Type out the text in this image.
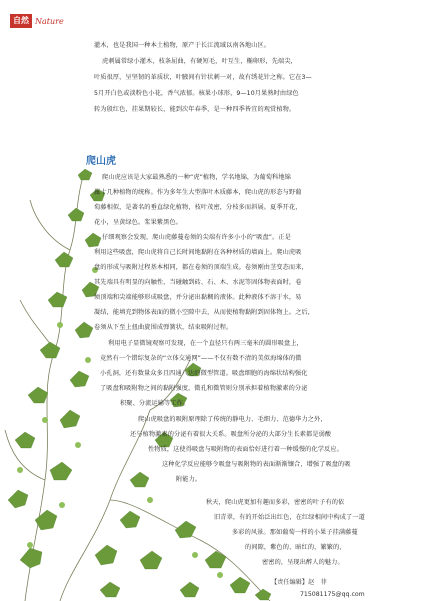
自然 Nature
灌木，也是我国一种本土植物，原产于长江流域以南各地山区。
虎刺属常绿小灌木，枝条屈曲，有硬短毛，叶互生，椭卵形，先端尖，
叶质很厚，呈坚韧的革质状，叶腋间有针状刺一对，故有绣花针之称。它在3—
5月开白色或淡粉色小花，香气浓郁。核果小球形，9—10月果熟时由绿色
转为殷红色，挂果期较长，能到次年春季，是一种四季皆宜的观赏植物。
爬山虎
爬山虎应该是大家最熟悉的一种“虎”植物，学名地锦，为葡萄科地锦
属十几种植物的统称。作为多年生大型落叶木质藤本，爬山虎的形态与野葡
萄藤相似，是著名的垂直绿化植物，枝叶茂密，分枝多而斜展。夏季开花，
花小，呈黄绿色。浆果紫黑色。
仔细观察会发现，爬山虎藤蔓卷须的尖端有许多小小的“吸盘”。正是
利用这些吸盘，爬山虎将自己长时间地黏附在各种材质的墙面上。爬山虎吸
盘的形成与吸附过程基本相同，都在卷须的顶端生成。卷须刚由茎变态而来，
其先端具有明显的向触性，当碰触到砖、石、木、水泥等固体物表面时，卷
须顶端和尖端能够形成吸盘，并分泌出黏稠的液体。此种液体不溶于水，易
凝结，能填充到物体表面的微小空隙中去，从而使植物黏附到固体物上。之后，
卷须从下至上扭曲旋围成弹簧状，结束吸附过程。
利用电子显微镜观察可发现，在一个直径只有两三毫米的圆形吸盘上，
竟然有一个错综复杂的“立体交通网”——不仅有数不清的美似海绵体的微
小孔洞，还有数量众多且四通八达的微型管道。吸盘细胞的海绵状结构强化
了吸盘和吸附物之间的黏附强度，微孔和微管则分别承担着植物激素的分泌
积聚、分流运输等工作。
爬山虎吸盘的吸附原理除了传统的静电力、毛细力、范德华力之外，
还与植物激素的分泌有着很大关系。吸盘所分泌的大部分生长素都是弱酸
性物质，这使得吸盘与吸附物的表面恰好进行着一种缓慢的化学反应。
这种化学反应能够令吸盘与吸附物的表面渐渐镶合，增强了吸盘的吸
附能力。
秋天，爬山虎更加有趣而多彩，密密的叶子有的依
旧青翠，有的开始泛出红色，在红绿相间中构成了一道
多彩的风景。那如葡萄一样的小果子挂满藤蔓
的间隙，紫色的、暗红的，繁繁的，
密密的，呈现出醉人的魅力。
【责任编辑】赵　菲
715081175@qq.com
